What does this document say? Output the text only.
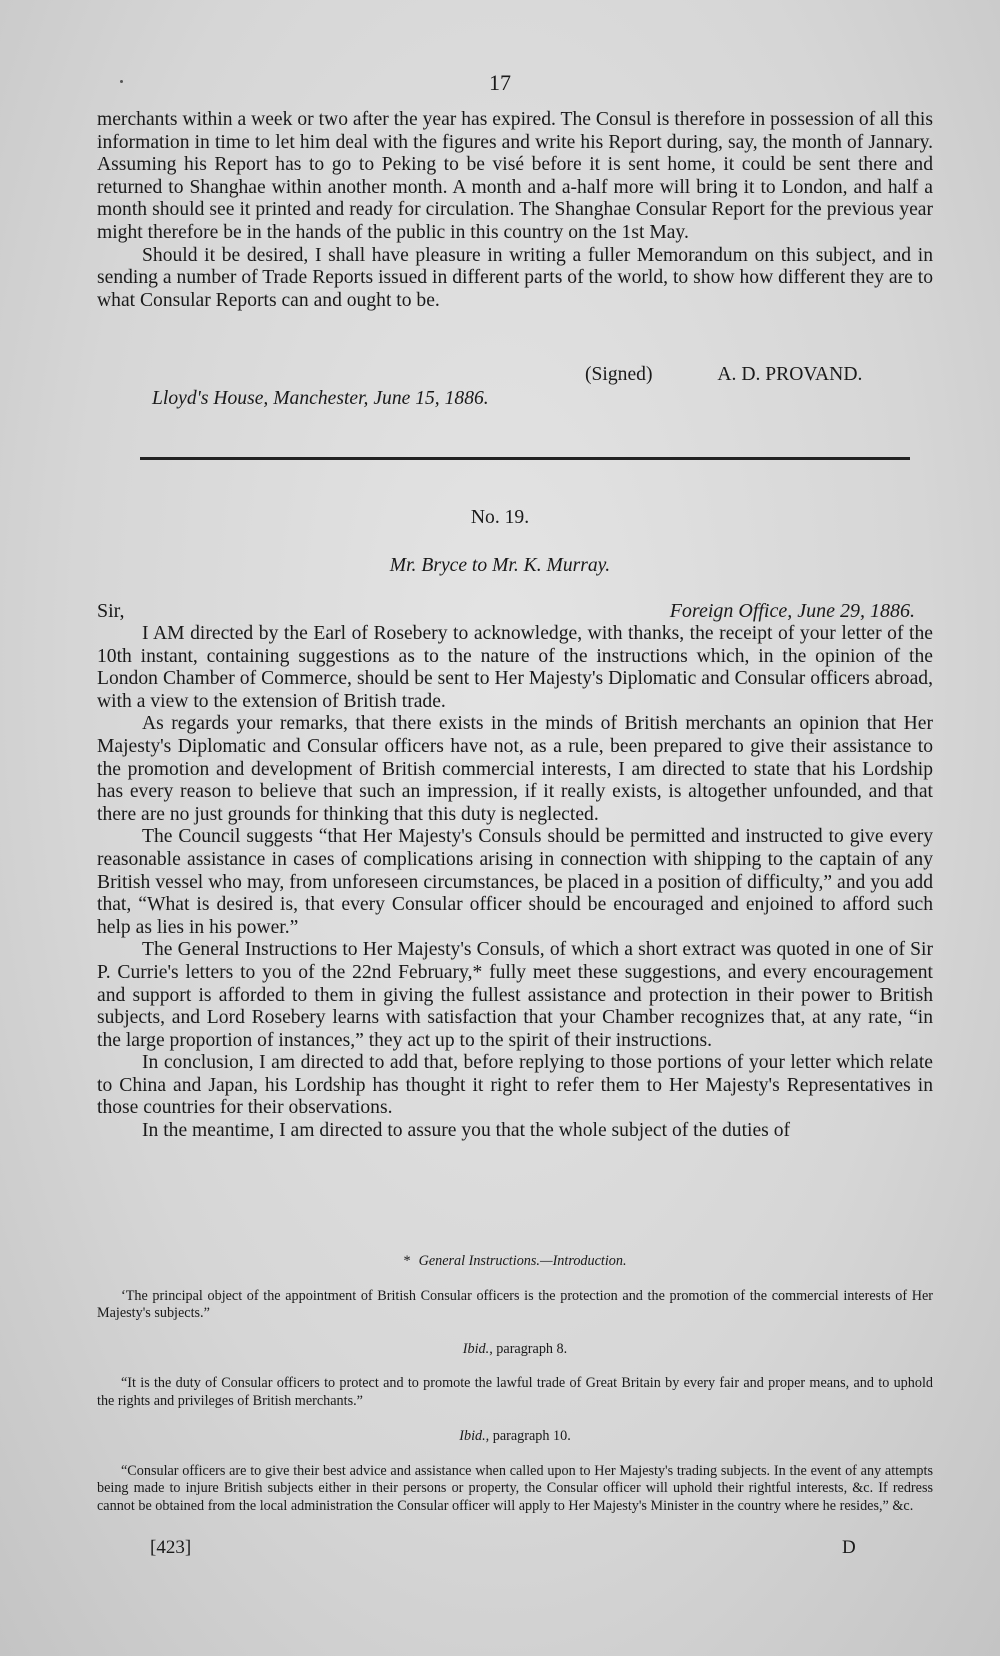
17

merchants within a week or two after the year has expired. The Consul is therefore in possession of all this information in time to let him deal with the figures and write his Report during, say, the month of Jannary. Assuming his Report has to go to Peking to be visé before it is sent home, it could be sent there and returned to Shanghae within another month. A month and a-half more will bring it to London, and half a month should see it printed and ready for circulation. The Shanghae Consular Report for the previous year might therefore be in the hands of the public in this country on the 1st May.

Should it be desired, I shall have pleasure in writing a fuller Memorandum on this subject, and in sending a number of Trade Reports issued in different parts of the world, to show how different they are to what Consular Reports can and ought to be.

(Signed)	A. D. PROVAND.
Lloyd's House, Manchester, June 15, 1886.
No. 19.
Mr. Bryce to Mr. K. Murray.
Sir,	Foreign Office, June 29, 1886.

I AM directed by the Earl of Rosebery to acknowledge, with thanks, the receipt of your letter of the 10th instant, containing suggestions as to the nature of the instructions which, in the opinion of the London Chamber of Commerce, should be sent to Her Majesty's Diplomatic and Consular officers abroad, with a view to the extension of British trade.

As regards your remarks, that there exists in the minds of British merchants an opinion that Her Majesty's Diplomatic and Consular officers have not, as a rule, been prepared to give their assistance to the promotion and development of British commercial interests, I am directed to state that his Lordship has every reason to believe that such an impression, if it really exists, is altogether unfounded, and that there are no just grounds for thinking that this duty is neglected.

The Council suggests “that Her Majesty's Consuls should be permitted and instructed to give every reasonable assistance in cases of complications arising in connection with shipping to the captain of any British vessel who may, from unforeseen circumstances, be placed in a position of difficulty,” and you add that, “What is desired is, that every Consular officer should be encouraged and enjoined to afford such help as lies in his power.”

The General Instructions to Her Majesty's Consuls, of which a short extract was quoted in one of Sir P. Currie's letters to you of the 22nd February,* fully meet these suggestions, and every encouragement and support is afforded to them in giving the fullest assistance and protection in their power to British subjects, and Lord Rosebery learns with satisfaction that your Chamber recognizes that, at any rate, “in the large proportion of instances,” they act up to the spirit of their instructions.

In conclusion, I am directed to add that, before replying to those portions of your letter which relate to China and Japan, his Lordship has thought it right to refer them to Her Majesty's Representatives in those countries for their observations.

In the meantime, I am directed to assure you that the whole subject of the duties of

* General Instructions.—Introduction.

‘The principal object of the appointment of British Consular officers is the protection and the promotion of the commercial interests of Her Majesty's subjects.”

Ibid., paragraph 8.

“It is the duty of Consular officers to protect and to promote the lawful trade of Great Britain by every fair and proper means, and to uphold the rights and privileges of British merchants.”

Ibid., paragraph 10.

“Consular officers are to give their best advice and assistance when called upon to Her Majesty's trading subjects. In the event of any attempts being made to injure British subjects either in their persons or property, the Consular officer will uphold their rightful interests, &c. If redress cannot be obtained from the local administration the Consular officer will apply to Her Majesty's Minister in the country where he resides,” &c.

[423]	D
